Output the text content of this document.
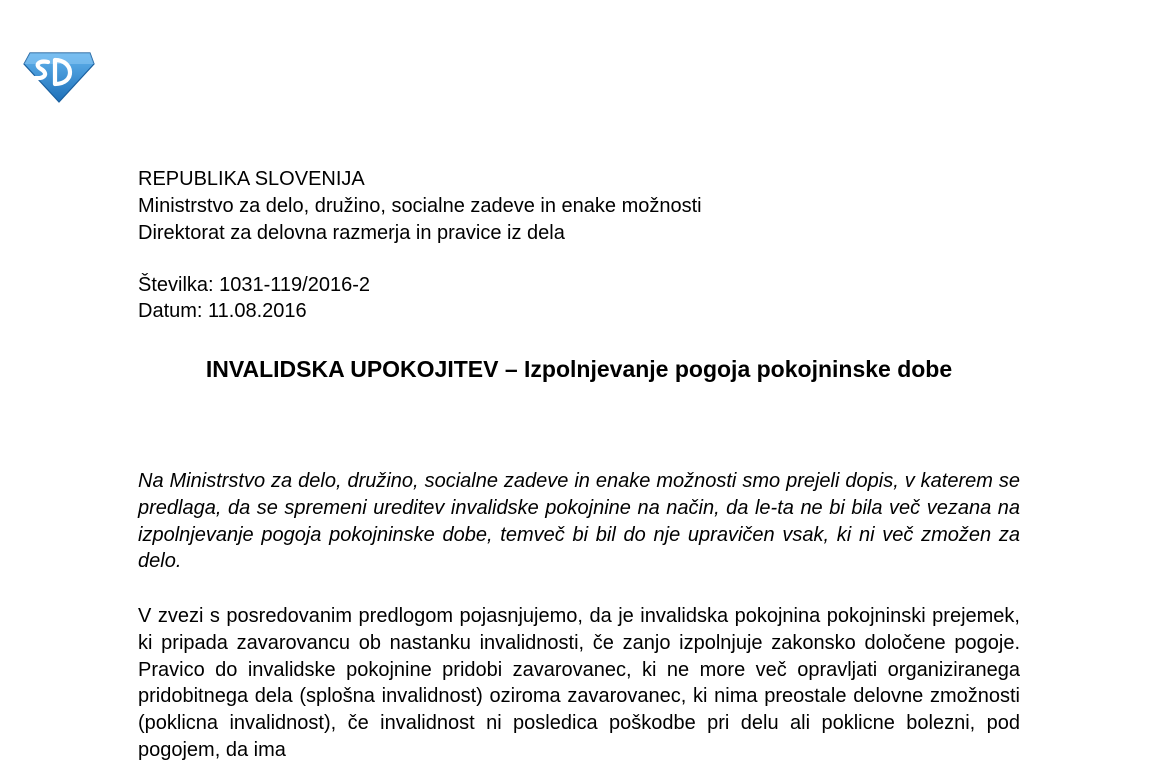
REPUBLIKA SLOVENIJA
Ministrstvo za delo, družino, socialne zadeve in enake možnosti
Direktorat za delovna razmerja in pravice iz dela
Številka: 1031-119/2016-2
Datum: 11.08.2016
INVALIDSKA UPOKOJITEV – Izpolnjevanje pogoja pokojninske dobe
Na Ministrstvo za delo, družino, socialne zadeve in enake možnosti smo prejeli dopis, v katerem se predlaga, da se spremeni ureditev invalidske pokojnine na način, da le-ta ne bi bila več vezana na izpolnjevanje pogoja pokojninske dobe, temveč bi bil do nje upravičen vsak, ki ni več zmožen za delo.
V zvezi s posredovanim predlogom pojasnjujemo, da je invalidska pokojnina pokojninski prejemek, ki pripada zavarovancu ob nastanku invalidnosti, če zanjo izpolnjuje zakonsko določene pogoje. Pravico do invalidske pokojnine pridobi zavarovanec, ki ne more več opravljati organiziranega pridobitnega dela (splošna invalidnost) oziroma zavarovanec, ki nima preostale delovne zmožnosti (poklicna invalidnost), če invalidnost ni posledica poškodbe pri delu ali poklicne bolezni, pod pogojem, da ima
